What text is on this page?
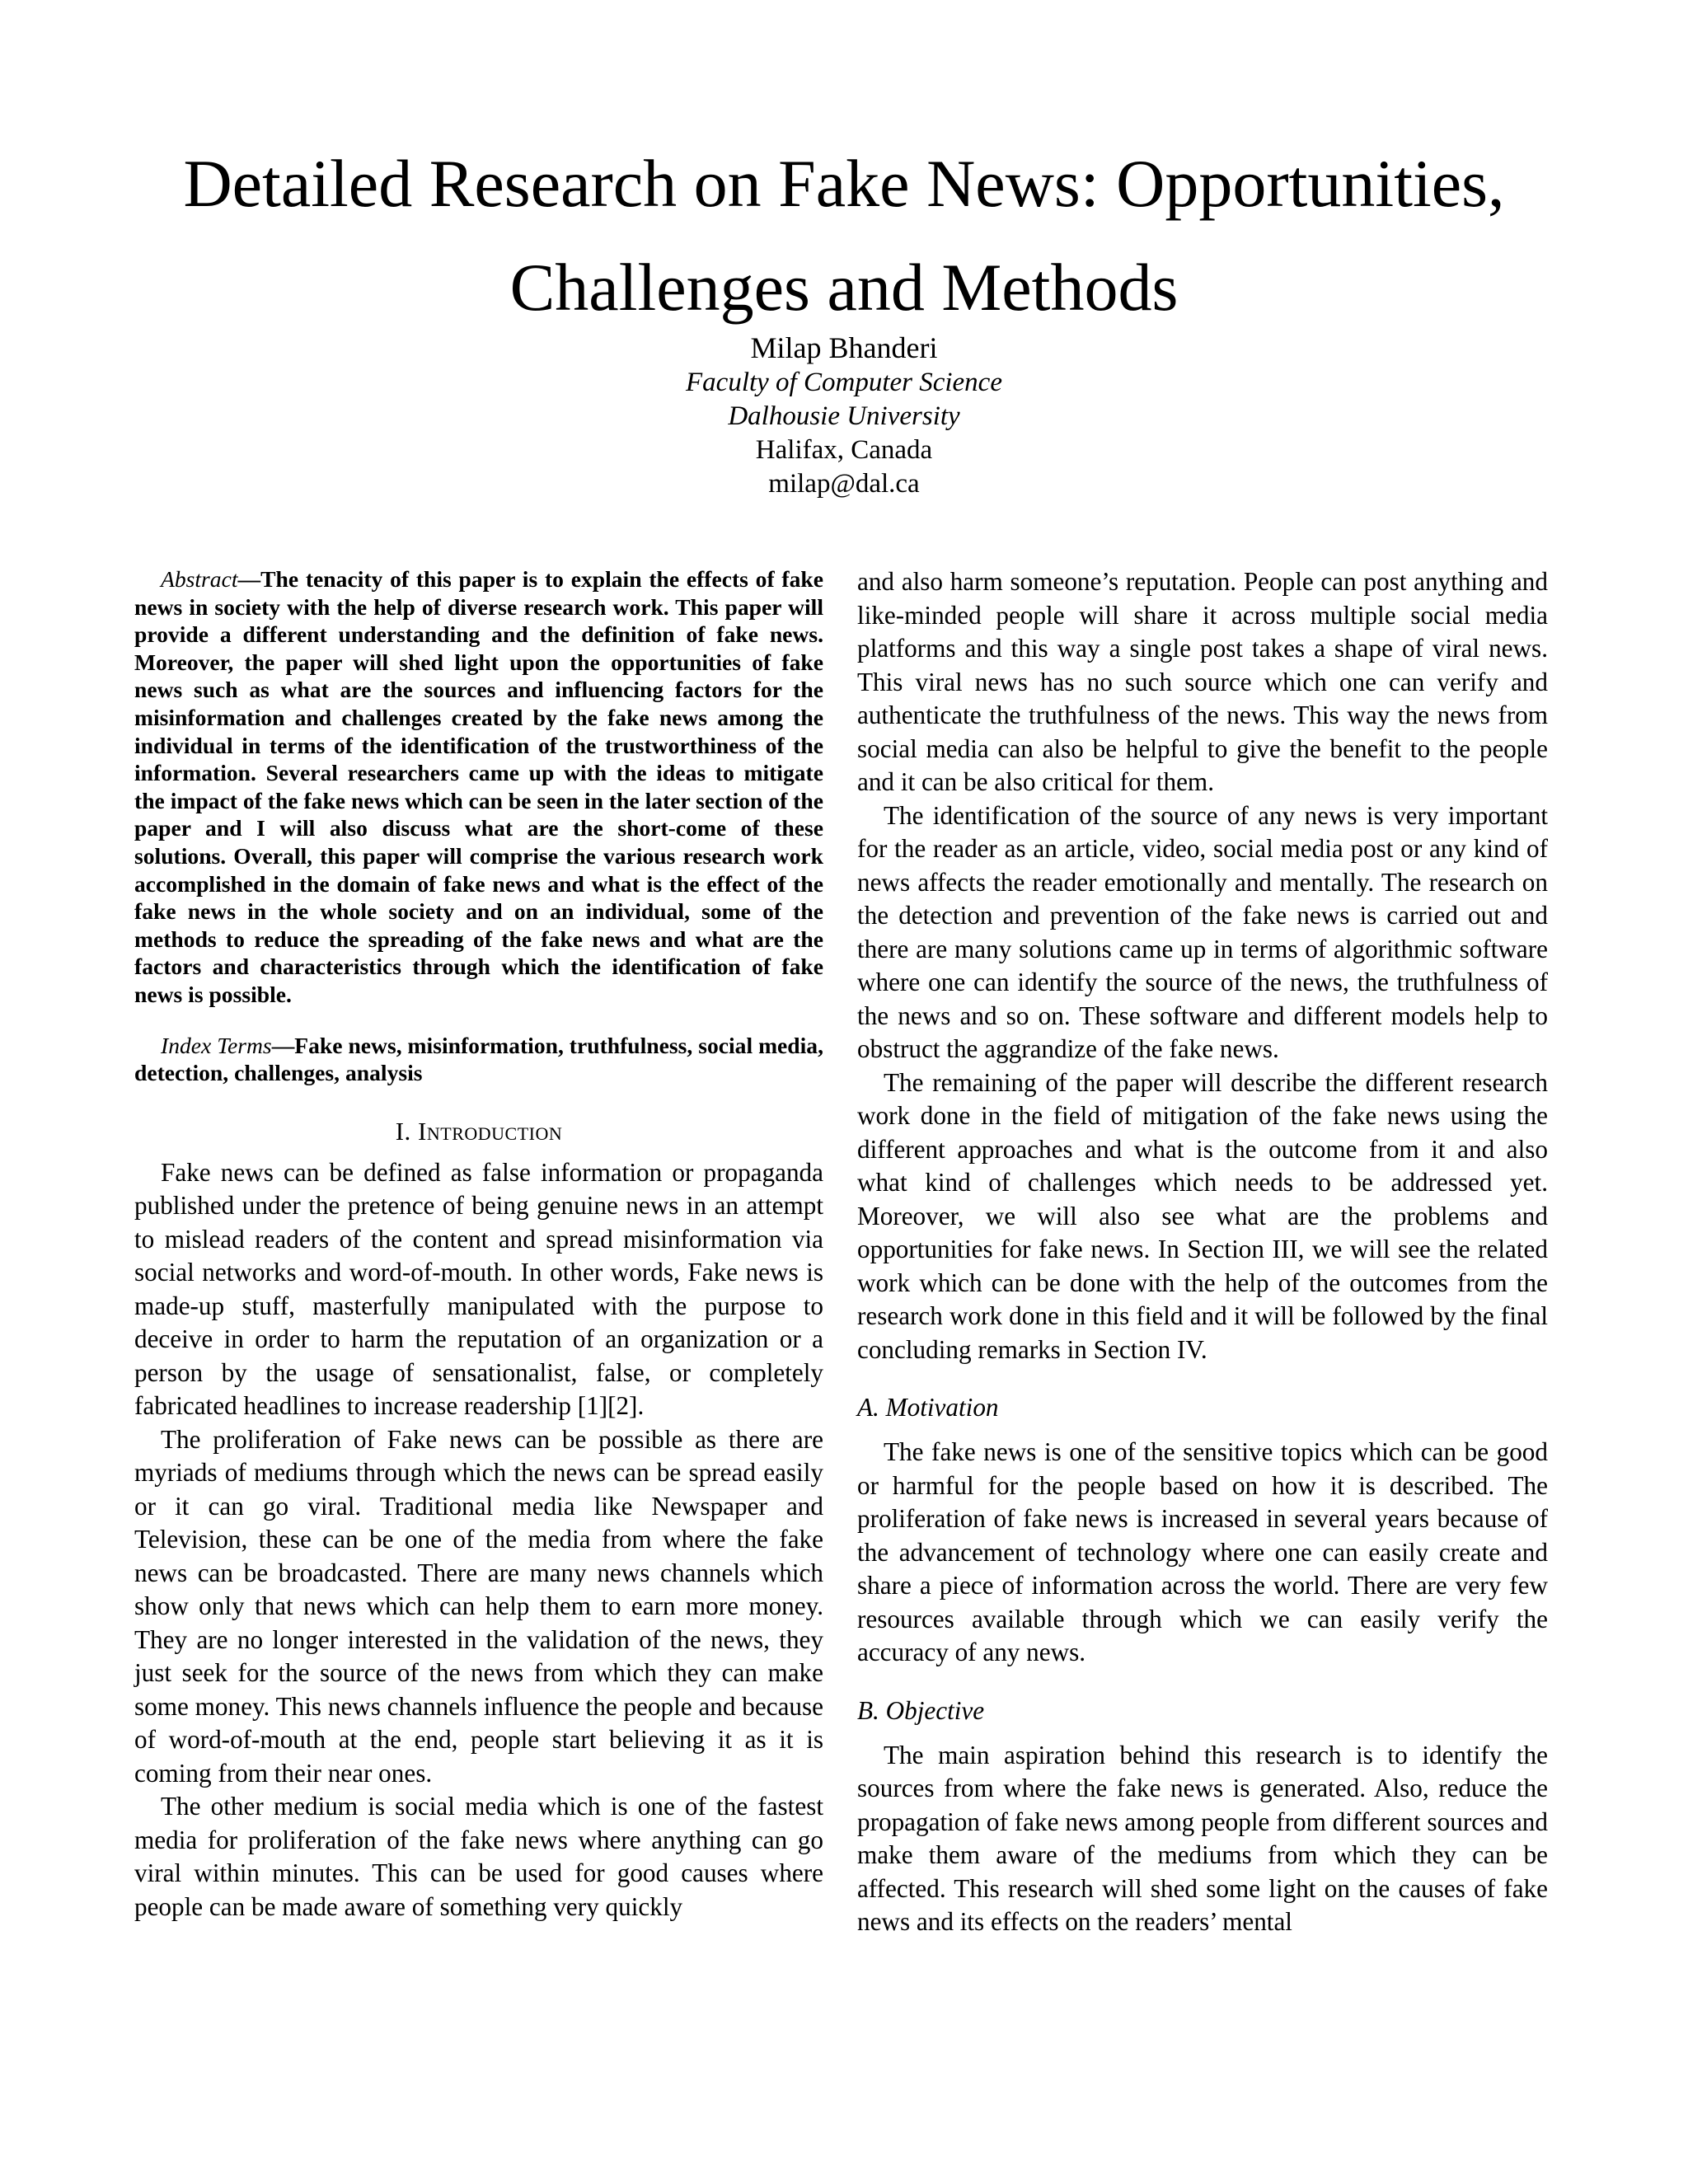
Detailed Research on Fake News: Opportunities, Challenges and Methods
Milap Bhanderi
Faculty of Computer Science
Dalhousie University
Halifax, Canada
milap@dal.ca

Abstract—The tenacity of this paper is to explain the effects of fake news in society with the help of diverse research work. This paper will provide a different understanding and the definition of fake news. Moreover, the paper will shed light upon the opportunities of fake news such as what are the sources and influencing factors for the misinformation and challenges created by the fake news among the individual in terms of the identification of the trustworthiness of the information. Several researchers came up with the ideas to mitigate the impact of the fake news which can be seen in the later section of the paper and I will also discuss what are the short-come of these solutions. Overall, this paper will comprise the various research work accomplished in the domain of fake news and what is the effect of the fake news in the whole society and on an individual, some of the methods to reduce the spreading of the fake news and what are the factors and characteristics through which the identification of fake news is possible.

Index Terms—Fake news, misinformation, truthfulness, social media, detection, challenges, analysis

I. Introduction

Fake news can be defined as false information or propaganda published under the pretence of being genuine news in an attempt to mislead readers of the content and spread misinformation via social networks and word-of-mouth. In other words, Fake news is made-up stuff, masterfully manipulated with the purpose to deceive in order to harm the reputation of an organization or a person by the usage of sensationalist, false, or completely fabricated headlines to increase readership [1][2].

The proliferation of Fake news can be possible as there are myriads of mediums through which the news can be spread easily or it can go viral. Traditional media like Newspaper and Television, these can be one of the media from where the fake news can be broadcasted. There are many news channels which show only that news which can help them to earn more money. They are no longer interested in the validation of the news, they just seek for the source of the news from which they can make some money. This news channels influence the people and because of word-of-mouth at the end, people start believing it as it is coming from their near ones.

The other medium is social media which is one of the fastest media for proliferation of the fake news where anything can go viral within minutes. This can be used for good causes where people can be made aware of something very quickly

and also harm someone’s reputation. People can post anything and like-minded people will share it across multiple social media platforms and this way a single post takes a shape of viral news. This viral news has no such source which one can verify and authenticate the truthfulness of the news. This way the news from social media can also be helpful to give the benefit to the people and it can be also critical for them.

The identification of the source of any news is very important for the reader as an article, video, social media post or any kind of news affects the reader emotionally and mentally. The research on the detection and prevention of the fake news is carried out and there are many solutions came up in terms of algorithmic software where one can identify the source of the news, the truthfulness of the news and so on. These software and different models help to obstruct the aggrandize of the fake news.

The remaining of the paper will describe the different research work done in the field of mitigation of the fake news using the different approaches and what is the outcome from it and also what kind of challenges which needs to be addressed yet. Moreover, we will also see what are the problems and opportunities for fake news. In Section III, we will see the related work which can be done with the help of the outcomes from the research work done in this field and it will be followed by the final concluding remarks in Section IV.

A. Motivation

The fake news is one of the sensitive topics which can be good or harmful for the people based on how it is described. The proliferation of fake news is increased in several years because of the advancement of technology where one can easily create and share a piece of information across the world. There are very few resources available through which we can easily verify the accuracy of any news.

B. Objective

The main aspiration behind this research is to identify the sources from where the fake news is generated. Also, reduce the propagation of fake news among people from different sources and make them aware of the mediums from which they can be affected. This research will shed some light on the causes of fake news and its effects on the readers’ mental
